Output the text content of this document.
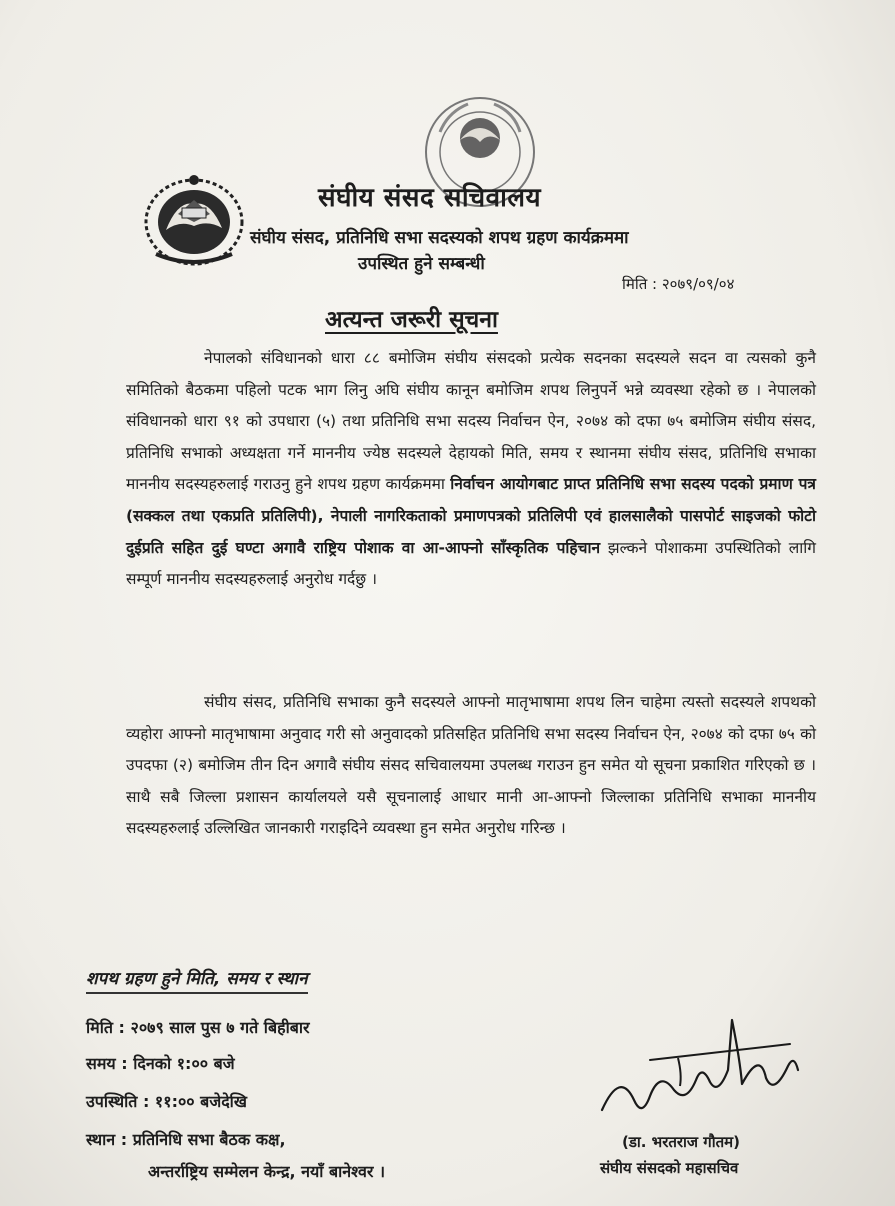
संघीय संसद सचिवालय
संघीय संसद, प्रतिनिधि सभा सदस्यको शपथ ग्रहण कार्यक्रममा
उपस्थित हुने सम्बन्धी
मिति : २०७९/०९/०४
अत्यन्त जरूरी सूचना
नेपालको संविधानको धारा ८८ बमोजिम संघीय संसदको प्रत्येक सदनका सदस्यले सदन वा त्यसको कुनै समितिको बैठकमा पहिलो पटक भाग लिनु अघि संघीय कानून बमोजिम शपथ लिनुपर्ने भन्ने व्यवस्था रहेको छ । नेपालको संविधानको धारा ९१ को उपधारा (५) तथा प्रतिनिधि सभा सदस्य निर्वाचन ऐन, २०७४ को दफा ७५ बमोजिम संघीय संसद, प्रतिनिधि सभाको अध्यक्षता गर्ने माननीय ज्येष्ठ सदस्यले देहायको मिति, समय र स्थानमा संघीय संसद, प्रतिनिधि सभाका माननीय सदस्यहरुलाई गराउनु हुने शपथ ग्रहण कार्यक्रममा निर्वाचन आयोगबाट प्राप्त प्रतिनिधि सभा सदस्य पदको प्रमाण पत्र (सक्कल तथा एकप्रति प्रतिलिपी), नेपाली नागरिकताको प्रमाणपत्रको प्रतिलिपी एवं हालसालैको पासपोर्ट साइजको फोटो दुईप्रति सहित दुई घण्टा अगावै राष्ट्रिय पोशाक वा आ-आफ्नो साँस्कृतिक पहिचान झल्कने पोशाकमा उपस्थितिको लागि सम्पूर्ण माननीय सदस्यहरुलाई अनुरोध गर्दछु ।
संघीय संसद, प्रतिनिधि सभाका कुनै सदस्यले आफ्नो मातृभाषामा शपथ लिन चाहेमा त्यस्तो सदस्यले शपथको व्यहोरा आफ्नो मातृभाषामा अनुवाद गरी सो अनुवादको प्रतिसहित प्रतिनिधि सभा सदस्य निर्वाचन ऐन, २०७४ को दफा ७५ को उपदफा (२) बमोजिम तीन दिन अगावै संघीय संसद सचिवालयमा उपलब्ध गराउन हुन समेत यो सूचना प्रकाशित गरिएको छ । साथै सबै जिल्ला प्रशासन कार्यालयले यसै सूचनालाई आधार मानी आ-आफ्नो जिल्लाका प्रतिनिधि सभाका माननीय सदस्यहरुलाई उल्लिखित जानकारी गराइदिने व्यवस्था हुन समेत अनुरोध गरिन्छ ।
शपथ ग्रहण हुने मिति, समय र स्थान
मिति : २०७९ साल पुस ७ गते बिहीबार
समय : दिनको १:०० बजे
उपस्थिति : ११:०० बजेदेखि
स्थान : प्रतिनिधि सभा बैठक कक्ष,
अन्तर्राष्ट्रिय सम्मेलन केन्द्र, नयाँ बानेश्वर ।
(डा. भरतराज गौतम)
संघीय संसदको महासचिव
